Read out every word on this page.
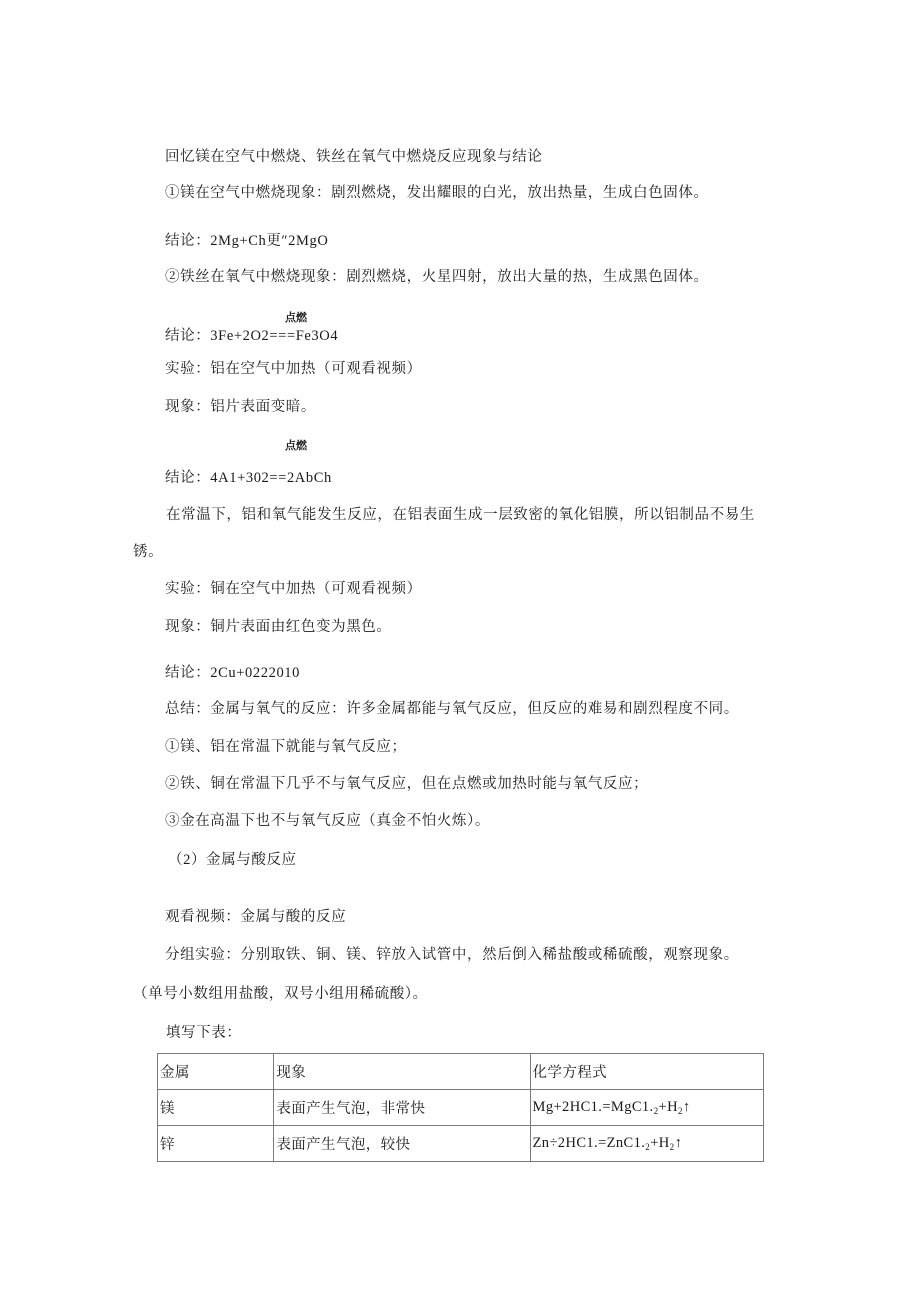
回忆镁在空气中燃烧、铁丝在氧气中燃烧反应现象与结论
①镁在空气中燃烧现象：剧烈燃烧，发出耀眼的白光，放出热量，生成白色固体。
结论：2Mg+Ch更″2MgO
②铁丝在氧气中燃烧现象：剧烈燃烧，火星四射，放出大量的热，生成黑色固体。
点燃
结论：3Fe+2O2===Fe3O4
实验：铝在空气中加热（可观看视频）
现象：铝片表面变暗。
点燃
结论：4A1+302==2AbCh
在常温下，铝和氧气能发生反应，在铝表面生成一层致密的氧化铝膜，所以铝制品不易生
锈。
实验：铜在空气中加热（可观看视频）
现象：铜片表面由红色变为黑色。
结论：2Cu+0222010
总结：金属与氧气的反应：许多金属都能与氧气反应，但反应的难易和剧烈程度不同。
①镁、铝在常温下就能与氧气反应；
②铁、铜在常温下几乎不与氧气反应，但在点燃或加热时能与氧气反应；
③金在高温下也不与氧气反应（真金不怕火炼）。
（2）金属与酸反应
观看视频：金属与酸的反应
分组实验：分别取铁、铜、镁、锌放入试管中，然后倒入稀盐酸或稀硫酸，观察现象。
（单号小数组用盐酸，双号小组用稀硫酸）。
填写下表：
金属	现象	化学方程式
镁	表面产生气泡，非常快	$Mg+2HC1.=MgC1._2+H_2↑$
锌	表面产生气泡，较快	$Zn\div 2HC1.=ZnC1._2+H_2↑$
